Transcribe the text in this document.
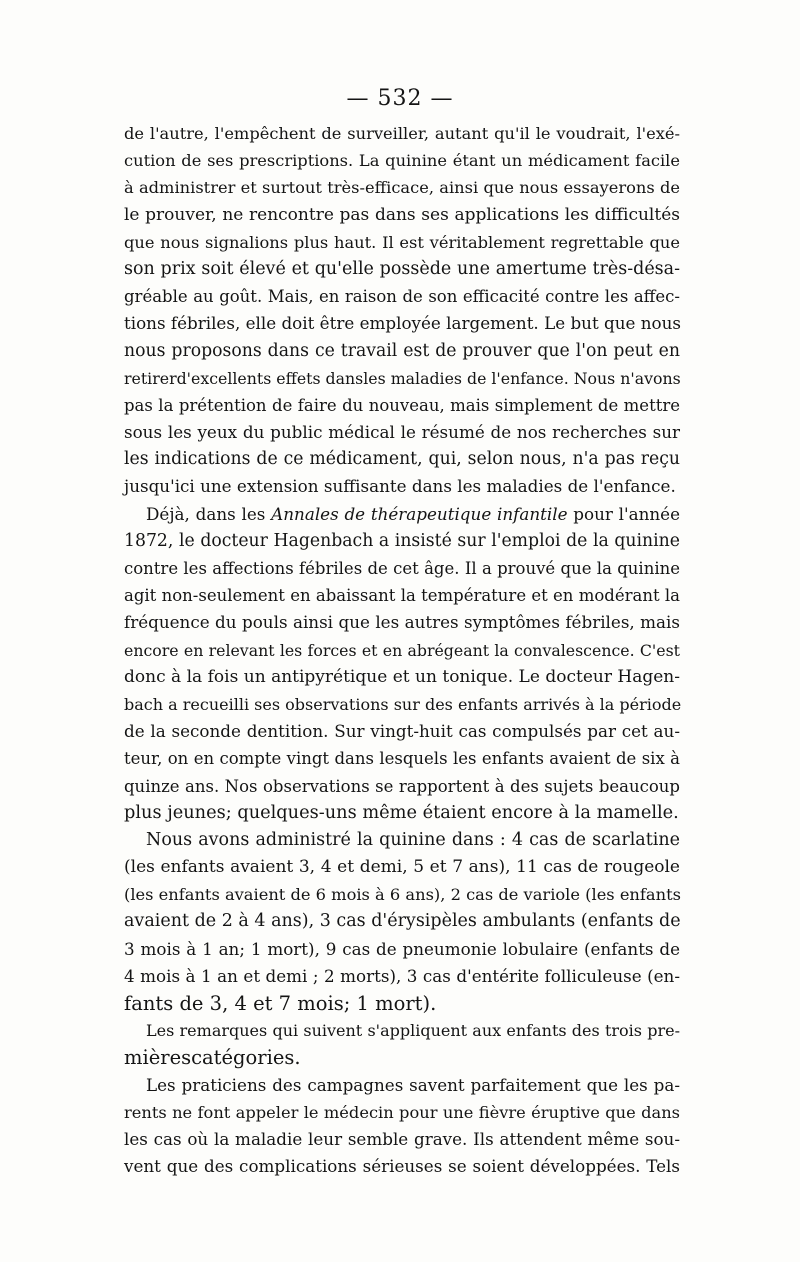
— 532 —
de l'autre, l'empêchent de surveiller, autant qu'il le voudrait, l'exé-
cution de ses prescriptions. La quinine étant un médicament facile
à administrer et surtout très-efficace, ainsi que nous essayerons de
le prouver, ne rencontre pas dans ses applications les difficultés
que nous signalions plus haut. Il est véritablement regrettable que
son prix soit élevé et qu'elle possède une amertume très-désa-
gréable au goût. Mais, en raison de son efficacité contre les affec-
tions fébriles, elle doit être employée largement. Le but que nous
nous proposons dans ce travail est de prouver que l'on peut en
retirerd'excellents effets dansles maladies de l'enfance. Nous n'avons
pas la prétention de faire du nouveau, mais simplement de mettre
sous les yeux du public médical le résumé de nos recherches sur
les indications de ce médicament, qui, selon nous, n'a pas reçu
jusqu'ici une extension suffisante dans les maladies de l'enfance.
Déjà, dans les Annales de thérapeutique infantile pour l'année
1872, le docteur Hagenbach a insisté sur l'emploi de la quinine
contre les affections fébriles de cet âge. Il a prouvé que la quinine
agit non-seulement en abaissant la température et en modérant la
fréquence du pouls ainsi que les autres symptômes fébriles, mais
encore en relevant les forces et en abrégeant la convalescence. C'est
donc à la fois un antipyrétique et un tonique. Le docteur Hagen-
bach a recueilli ses observations sur des enfants arrivés à la période
de la seconde dentition. Sur vingt-huit cas compulsés par cet au-
teur, on en compte vingt dans lesquels les enfants avaient de six à
quinze ans. Nos observations se rapportent à des sujets beaucoup
plus jeunes; quelques-uns même étaient encore à la mamelle.
Nous avons administré la quinine dans : 4 cas de scarlatine
(les enfants avaient 3, 4 et demi, 5 et 7 ans), 11 cas de rougeole
(les enfants avaient de 6 mois à 6 ans), 2 cas de variole (les enfants
avaient de 2 à 4 ans), 3 cas d'érysipèles ambulants (enfants de
3 mois à 1 an; 1 mort), 9 cas de pneumonie lobulaire (enfants de
4 mois à 1 an et demi ; 2 morts), 3 cas d'entérite folliculeuse (en-
fants de 3, 4 et 7 mois; 1 mort).
Les remarques qui suivent s'appliquent aux enfants des trois pre-
mièrescatégories.
Les praticiens des campagnes savent parfaitement que les pa-
rents ne font appeler le médecin pour une fièvre éruptive que dans
les cas où la maladie leur semble grave. Ils attendent même sou-
vent que des complications sérieuses se soient développées. Tels
